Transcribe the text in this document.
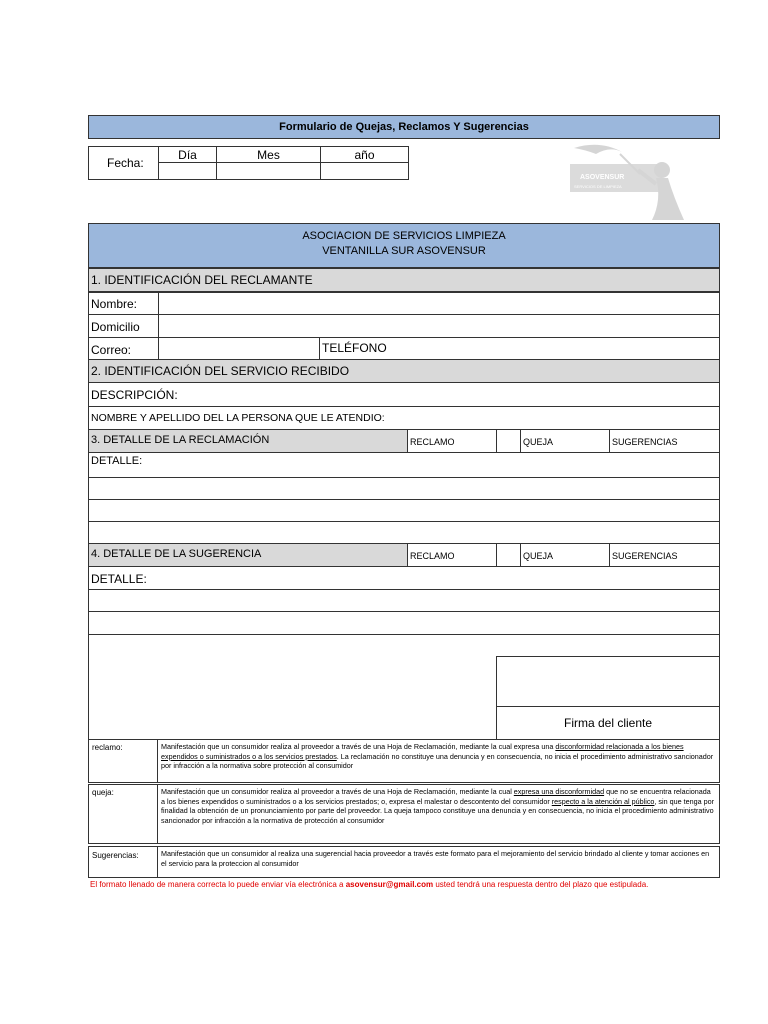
Formulario de Quejas, Reclamos Y Sugerencias
Fecha:
Día	Mes	año
ASOVENSUR
SERVICIOS DE LIMPIEZA
ASOCIACION DE SERVICIOS LIMPIEZA
VENTANILLA SUR ASOVENSUR
1. IDENTIFICACIÓN DEL RECLAMANTE
Nombre:
Domicilio
Correo:	TELÉFONO
2. IDENTIFICACIÓN DEL SERVICIO RECIBIDO
DESCRIPCIÓN:
NOMBRE Y APELLIDO DEL LA PERSONA QUE LE ATENDIO:
3. DETALLE DE LA RECLAMACIÓN	RECLAMO	QUEJA	SUGERENCIAS
DETALLE:
4. DETALLE DE LA SUGERENCIA	RECLAMO	QUEJA	SUGERENCIAS
DETALLE:
Firma del cliente
reclamo:	Manifestación que un consumidor realiza al proveedor a través de una Hoja de Reclamación, mediante la cual expresa una disconformidad relacionada a los bienes expendidos o suministrados o a los servicios prestados. La reclamación no constituye una denuncia y en consecuencia, no inicia el procedimiento administrativo sancionador por infracción a la normativa sobre protección al consumidor
queja:	Manifestación que un consumidor realiza al proveedor a través de una Hoja de Reclamación, mediante la cual expresa una disconformidad que no se encuentra relacionada a los bienes expendidos o suministrados o a los servicios prestados; o, expresa el malestar o descontento del consumidor respecto a la atención al público, sin que tenga por finalidad la obtención de un pronunciamiento por parte del proveedor. La queja tampoco constituye una denuncia y en consecuencia, no inicia el procedimiento administrativo sancionador por infracción a la normativa de protección al consumidor
Sugerencias:	Manifestación que un consumidor al realiza una sugerencial hacia proveedor a través este formato para el mejoramiento del servicio brindado al cliente y tomar acciones en el servicio para la proteccion al consumidor
El formato llenado de manera correcta lo puede enviar vía electrónica a asovensur@gmail.com usted tendrá una respuesta dentro del plazo que estipulada.
